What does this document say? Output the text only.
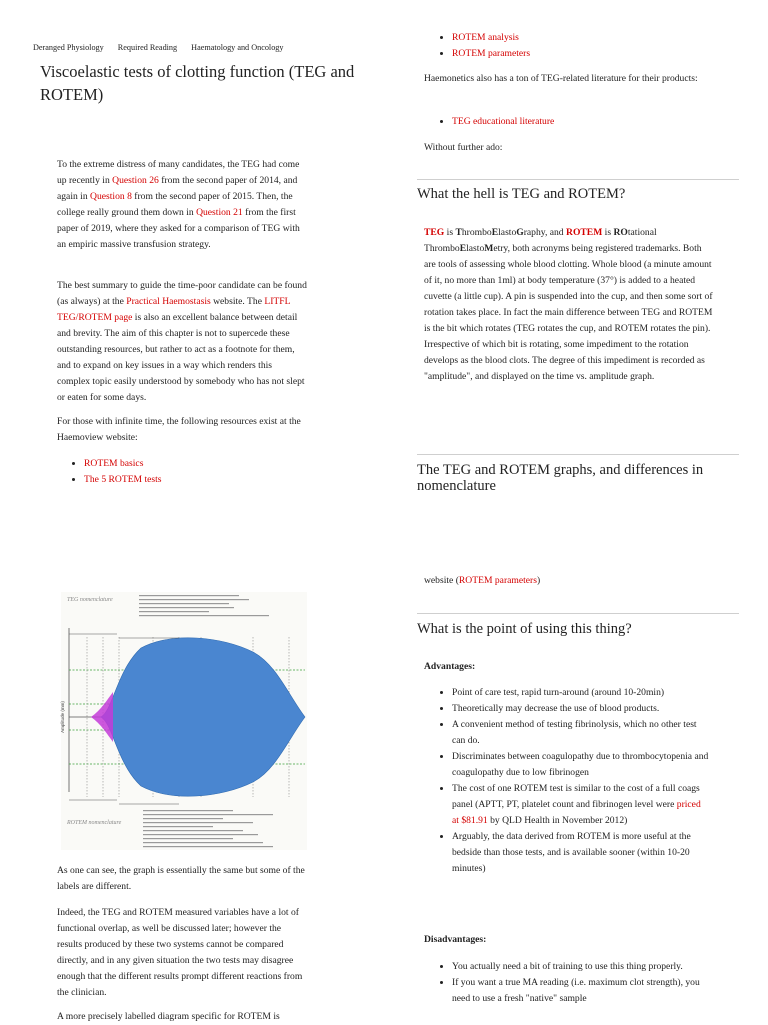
Deranged Physiology Required Reading Haematology and Oncology
Viscoelastic tests of clotting function (TEG and ROTEM)

To the extreme distress of many candidates, the TEG had come up recently in Question 26 from the second paper of 2014, and again in Question 8 from the second paper of 2015. Then, the college really ground them down in Question 21 from the first paper of 2019, where they asked for a comparison of TEG with an empiric massive transfusion strategy.

The best summary to guide the time-poor candidate can be found (as always) at the Practical Haemostasis website. The LITFL TEG/ROTEM page is also an excellent balance between detail and brevity. The aim of this chapter is not to supercede these outstanding resources, but rather to act as a footnote for them, and to expand on key issues in a way which renders this complex topic easily understood by somebody who has not slept or eaten for some days.

For those with infinite time, the following resources exist at the Haemoview website:

• ROTEM basics
• The 5 ROTEM tests
TEG nomenclature
Amplitude (mm)
ROTEM nomenclature

As one can see, the graph is essentially the same but some of the labels are different.

Indeed, the TEG and ROTEM measured variables have a lot of functional overlap, as well be discussed later; however the results produced by these two systems cannot be compared directly, and in any given situation the two tests may disagree enough that the different results prompt different reactions from the clinician.

A more precisely labelled diagram specific for ROTEM is

• ROTEM analysis
• ROTEM parameters

Haemonetics also has a ton of TEG-related literature for their products:

• TEG educational literature

Without further ado:

What the hell is TEG and ROTEM?

TEG is ThromboElastoGraphy, and ROTEM is ROtational ThromboElastoMetry, both acronyms being registered trademarks. Both are tools of assessing whole blood clotting. Whole blood (a minute amount of it, no more than 1ml) at body temperature (37°) is added to a heated cuvette (a little cup). A pin is suspended into the cup, and then some sort of rotation takes place. In fact the main difference between TEG and ROTEM is the bit which rotates (TEG rotates the cup, and ROTEM rotates the pin). Irrespective of which bit is rotating, some impediment to the rotation develops as the blood clots. The degree of this impediment is recorded as "amplitude", and displayed on the time vs. amplitude graph.

The TEG and ROTEM graphs, and differences in nomenclature

website (ROTEM parameters)

What is the point of using this thing?

Advantages:

• Point of care test, rapid turn-around (around 10-20min)
• Theoretically may decrease the use of blood products.
• A convenient method of testing fibrinolysis, which no other test can do.
• Discriminates between coagulopathy due to thrombocytopenia and coagulopathy due to low fibrinogen
• The cost of one ROTEM test is similar to the cost of a full coags panel (APTT, PT, platelet count and fibrinogen level were priced at $81.91 by QLD Health in November 2012)
• Arguably, the data derived from ROTEM is more useful at the bedside than those tests, and is available sooner (within 10-20 minutes)

Disadvantages:

• You actually need a bit of training to use this thing properly.
• If you want a true MA reading (i.e. maximum clot strength), you need to use a fresh "native" sample
